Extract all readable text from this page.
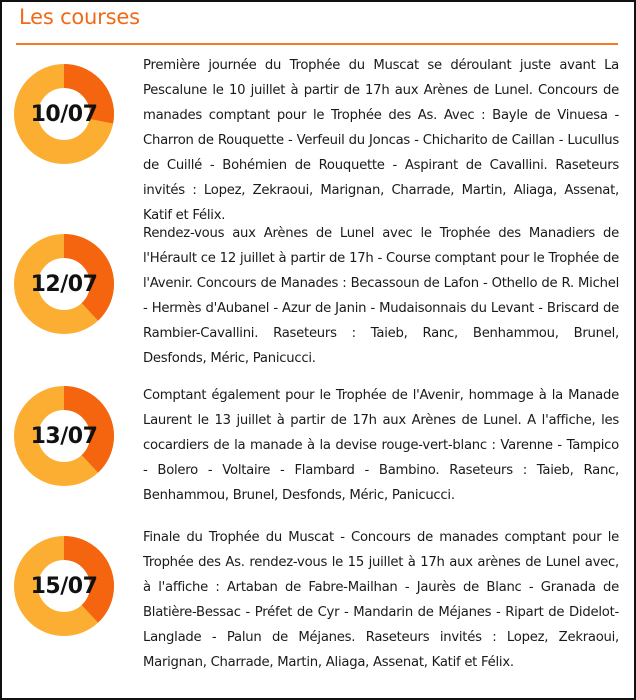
Les courses
10/07

Première journée du Trophée du Muscat se déroulant juste avant La Pescalune le 10 juillet à partir de 17h aux Arènes de Lunel. Concours de manades comptant pour le Trophée des As. Avec : Bayle de Vinuesa - Charron de Rouquette - Verfeuil du Joncas - Chicharito de Caillan - Lucullus de Cuillé - Bohémien de Rouquette - Aspirant de Cavallini. Raseteurs invités : Lopez, Zekraoui, Marignan, Charrade, Martin, Aliaga, Assenat, Katif et Félix.

12/07

Rendez-vous aux Arènes de Lunel avec le Trophée des Manadiers de l'Hérault ce 12 juillet à partir de 17h - Course comptant pour le Trophée de l'Avenir. Concours de Manades : Becassoun de Lafon - Othello de R. Michel - Hermès d'Aubanel - Azur de Janin - Mudaisonnais du Levant - Briscard de Rambier-Cavallini. Raseteurs : Taieb, Ranc, Benhammou, Brunel, Desfonds, Méric, Panicucci.

13/07

Comptant également pour le Trophée de l'Avenir, hommage à la Manade Laurent le 13 juillet à partir de 17h aux Arènes de Lunel. A l'affiche, les cocardiers de la manade à la devise rouge-vert-blanc : Varenne - Tampico - Bolero - Voltaire - Flambard - Bambino. Raseteurs : Taieb, Ranc, Benhammou, Brunel, Desfonds, Méric, Panicucci.

15/07

Finale du Trophée du Muscat - Concours de manades comptant pour le Trophée des As. rendez-vous le 15 juillet à 17h aux arènes de Lunel avec, à l'affiche : Artaban de Fabre-Mailhan - Jaurès de Blanc - Granada de Blatière-Bessac - Préfet de Cyr - Mandarin de Méjanes - Ripart de Didelot-Langlade - Palun de Méjanes. Raseteurs invités : Lopez, Zekraoui, Marignan, Charrade, Martin, Aliaga, Assenat, Katif et Félix.
